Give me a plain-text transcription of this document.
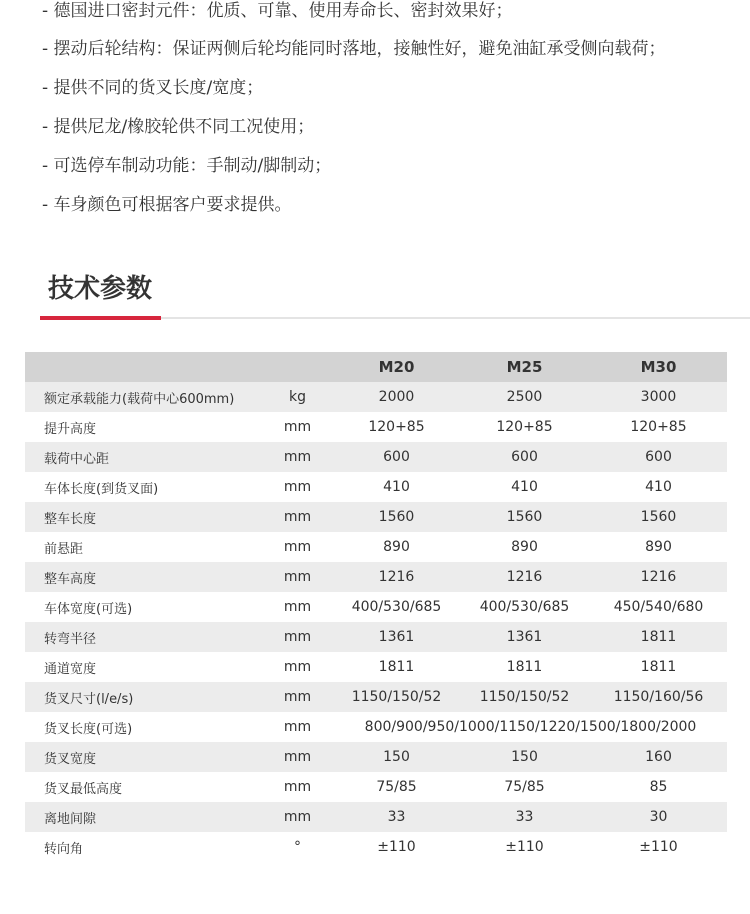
- 德国进口密封元件：优质、可靠、使用寿命长、密封效果好；
- 摆动后轮结构：保证两侧后轮均能同时落地，接触性好，避免油缸承受侧向载荷；
- 提供不同的货叉长度/宽度；
- 提供尼龙/橡胶轮供不同工况使用；
- 可选停车制动功能：手制动/脚制动；
- 车身颜色可根据客户要求提供。
技术参数
		M20	M25	M30
额定承载能力(载荷中心600mm)	kg	2000	2500	3000
提升高度	mm	120+85	120+85	120+85
载荷中心距	mm	600	600	600
车体长度(到货叉面)	mm	410	410	410
整车长度	mm	1560	1560	1560
前悬距	mm	890	890	890
整车高度	mm	1216	1216	1216
车体宽度(可选)	mm	400/530/685	400/530/685	450/540/680
转弯半径	mm	1361	1361	1811
通道宽度	mm	1811	1811	1811
货叉尺寸(l/e/s)	mm	1150/150/52	1150/150/52	1150/160/56
货叉长度(可选)	mm	800/900/950/1000/1150/1220/1500/1800/2000		
货叉宽度	mm	150	150	160
货叉最低高度	mm	75/85	75/85	85
离地间隙	mm	33	33	30
转向角	°	±110	±110	±110
